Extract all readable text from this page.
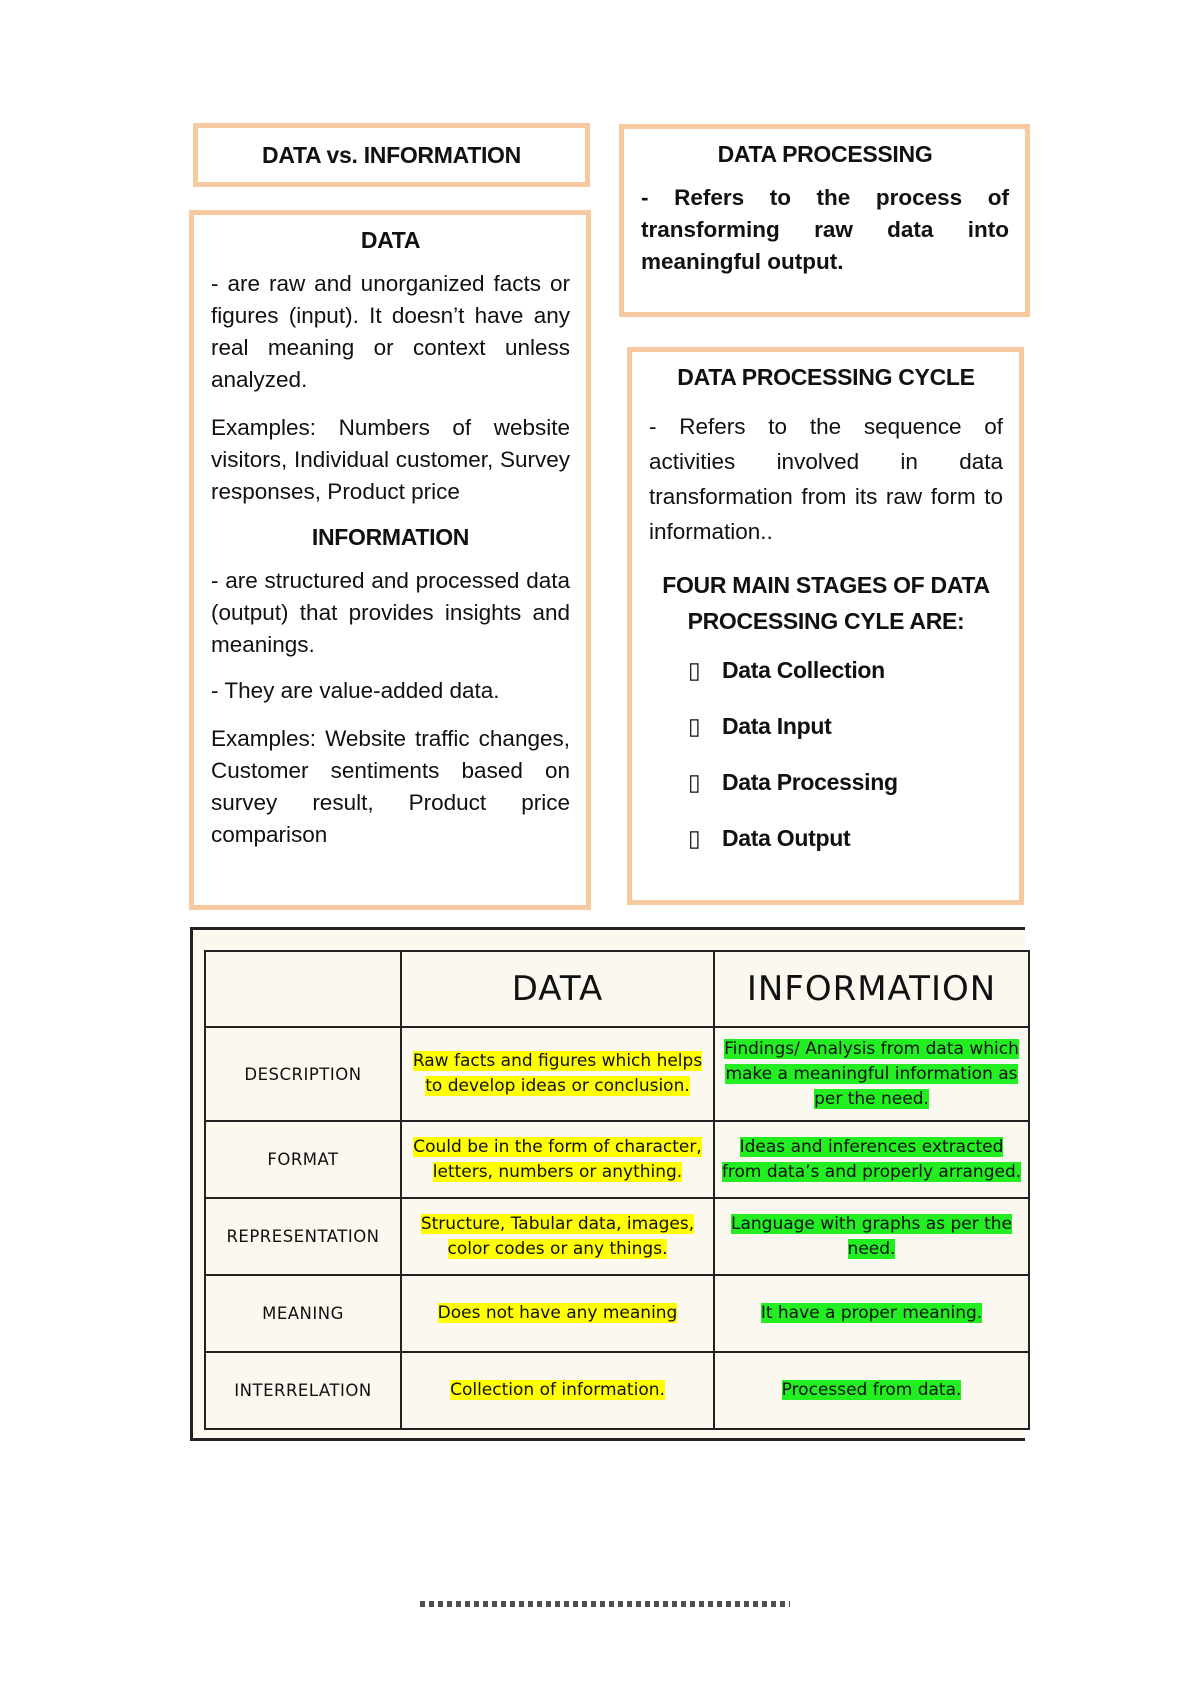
DATA vs. INFORMATION
DATA
- are raw and unorganized facts or figures (input). It doesn’t have any real meaning or context unless analyzed.
Examples: Numbers of website visitors, Individual customer, Survey responses, Product price
INFORMATION
- are structured and processed data (output) that provides insights and meanings.
- They are value-added data.
Examples: Website traffic changes, Customer sentiments based on survey result, Product price comparison
DATA PROCESSING
- Refers to the process of transforming raw data into meaningful output.
DATA PROCESSING CYCLE
- Refers to the sequence of activities involved in data transformation from its raw form to information..
FOUR MAIN STAGES OF DATA PROCESSING CYLE ARE:
▯ Data Collection
▯ Data Input
▯ Data Processing
▯ Data Output
	DATA	INFORMATION
DESCRIPTION	Raw facts and figures which helps to develop ideas or conclusion.	Findings/ Analysis from data which make a meaningful information as per the need.
FORMAT	Could be in the form of character, letters, numbers or anything.	Ideas and inferences extracted from data’s and properly arranged.
REPRESENTATION	Structure, Tabular data, images, color codes or any things.	Language with graphs as per the need.
MEANING	Does not have any meaning	It have a proper meaning.
INTERRELATION	Collection of information.	Processed from data.
